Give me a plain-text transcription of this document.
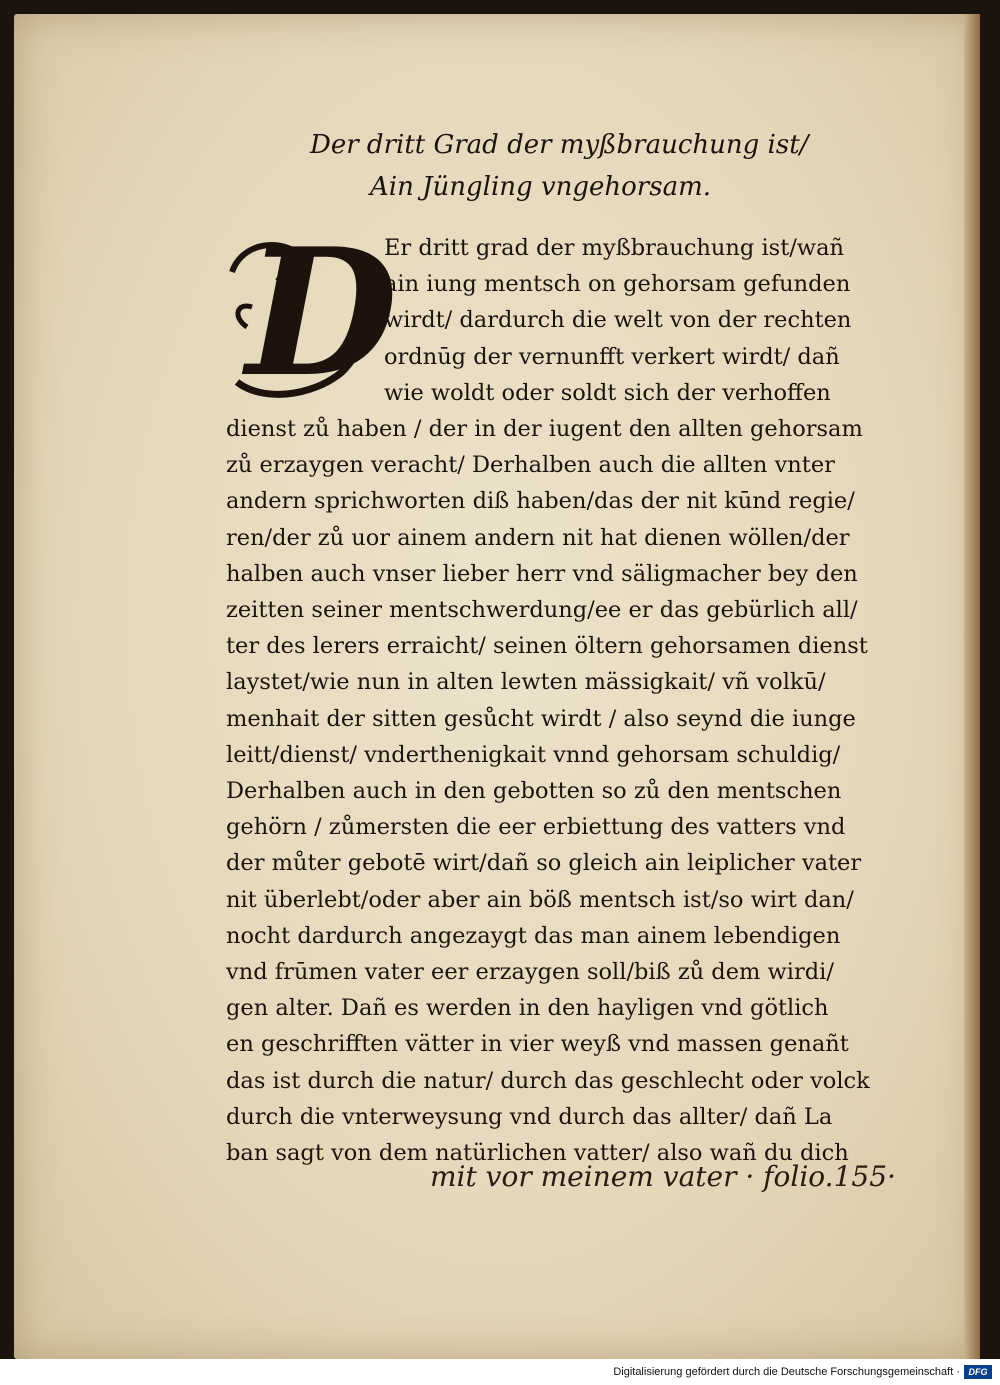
Der dritt Grad der myßbrauchung ist/
Ain Jüngling vngehorsam.
D
Er dritt grad der myßbrauchung ist/wañ
ain iung mentsch on gehorsam gefunden
wirdt/ dardurch die welt von der rechten
ordnūg der vernunfft verkert wirdt/ dañ
wie woldt oder soldt sich der verhoffen
dienst zů haben / der in der iugent den allten gehorsam
zů erzaygen veracht/ Derhalben auch die allten vnter
andern sprichworten diß haben/das der nit kūnd regie/
ren/der zů uor ainem andern nit hat dienen wöllen/der
halben auch vnser lieber herr vnd säligmacher bey den
zeitten seiner mentschwerdung/ee er das gebürlich all/
ter des lerers erraicht/ seinen öltern gehorsamen dienst
laystet/wie nun in alten lewten mässigkait/ vñ volkū/
menhait der sitten gesůcht wirdt / also seynd die iunge
leitt/dienst/ vnderthenigkait vnnd gehorsam schuldig/
Derhalben auch in den gebotten so zů den mentschen
gehörn / zůmersten die eer erbiettung des vatters vnd
der můter gebotē wirt/dañ so gleich ain leiplicher vater
nit überlebt/oder aber ain böß mentsch ist/so wirt dan/
nocht dardurch angezaygt das man ainem lebendigen
vnd frūmen vater eer erzaygen soll/biß zů dem wirdi/
gen alter. Dañ es werden in den hayligen vnd götlich
en geschrifften vätter in vier weyß vnd massen genañt
das ist durch die natur/ durch das geschlecht oder volck
durch die vnterweysung vnd durch das allter/ dañ La
ban sagt von dem natürlichen vatter/ also wañ du dich
mit vor meinem vater · folio.155·
Digitalisierung gefördert durch die Deutsche Forschungsgemeinschaft · DFG
